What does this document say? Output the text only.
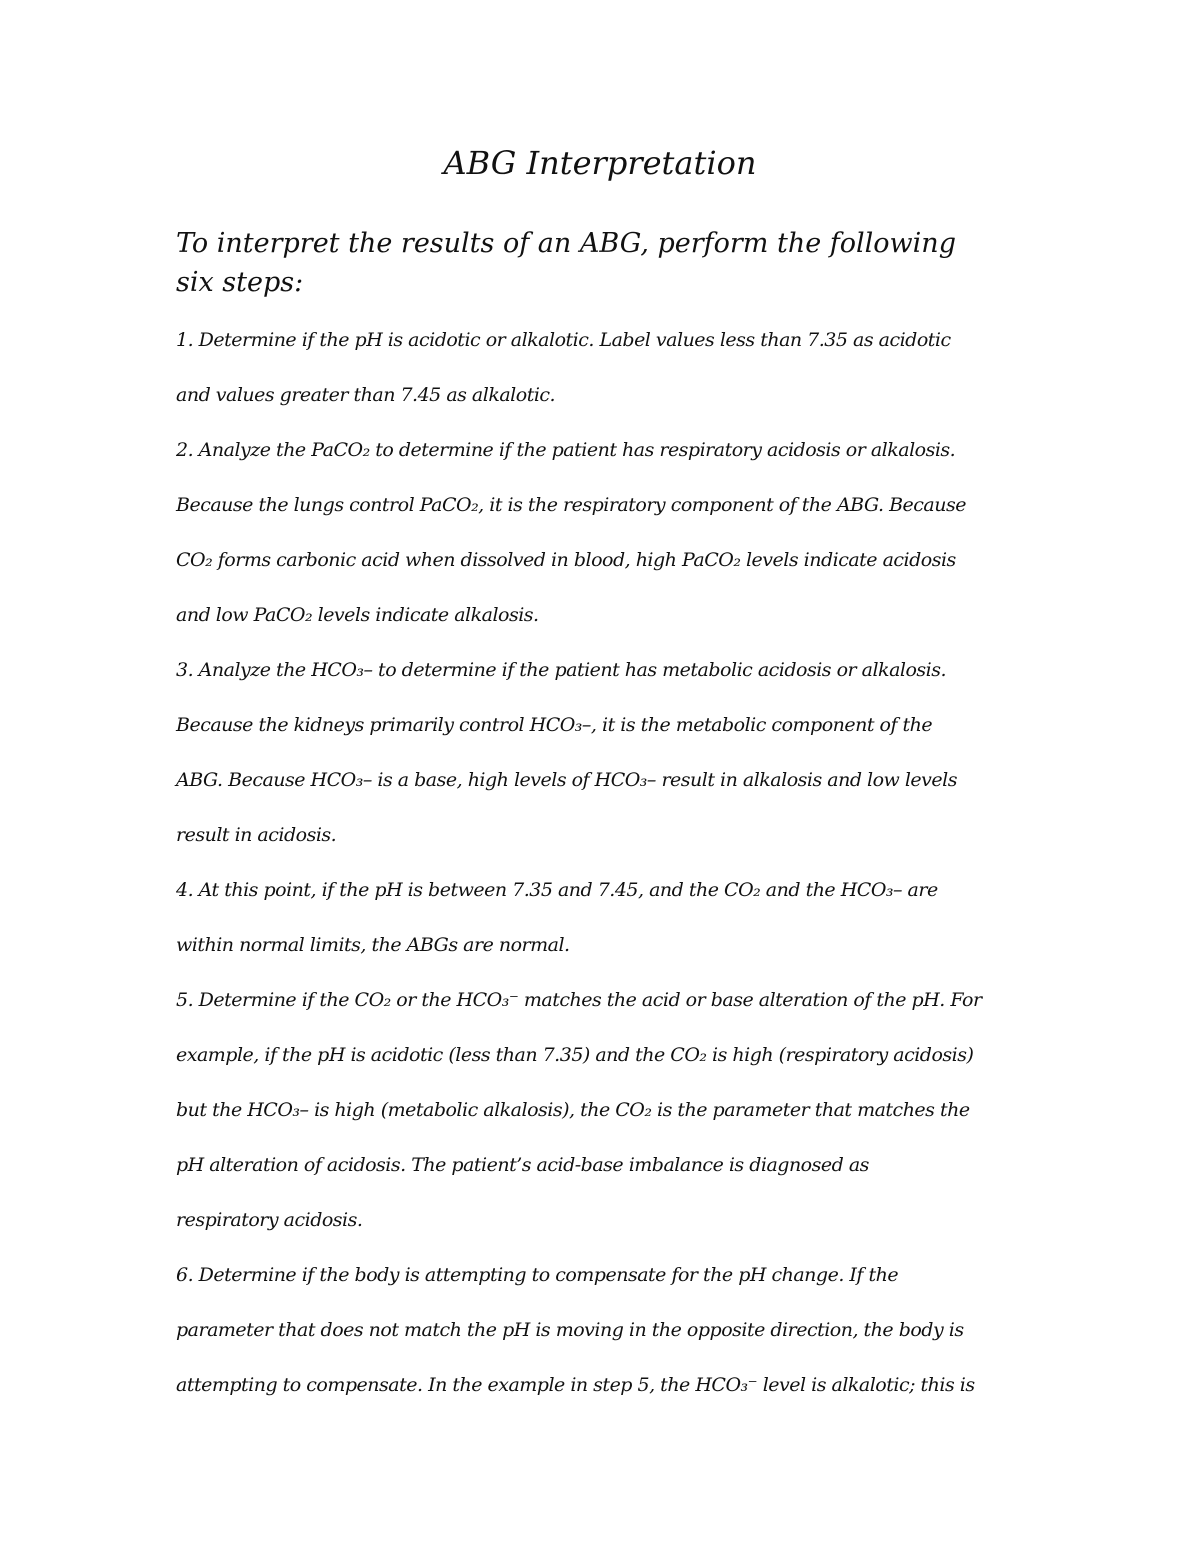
ABG Interpretation

To interpret the results of an ABG, perform the following six steps:

1. Determine if the pH is acidotic or alkalotic. Label values less than 7.35 as acidotic
and values greater than 7.45 as alkalotic.
2. Analyze the PaCO₂ to determine if the patient has respiratory acidosis or alkalosis.
Because the lungs control PaCO₂, it is the respiratory component of the ABG. Because
CO₂ forms carbonic acid when dissolved in blood, high PaCO₂ levels indicate acidosis
and low PaCO₂ levels indicate alkalosis.
3. Analyze the HCO₃– to determine if the patient has metabolic acidosis or alkalosis.
Because the kidneys primarily control HCO₃–, it is the metabolic component of the
ABG. Because HCO₃– is a base, high levels of HCO₃– result in alkalosis and low levels
result in acidosis.
4. At this point, if the pH is between 7.35 and 7.45, and the CO₂ and the HCO₃– are
within normal limits, the ABGs are normal.
5. Determine if the CO₂ or the HCO₃⁻ matches the acid or base alteration of the pH. For
example, if the pH is acidotic (less than 7.35) and the CO₂ is high (respiratory acidosis)
but the HCO₃– is high (metabolic alkalosis), the CO₂ is the parameter that matches the
pH alteration of acidosis. The patient’s acid-base imbalance is diagnosed as
respiratory acidosis.
6. Determine if the body is attempting to compensate for the pH change. If the
parameter that does not match the pH is moving in the opposite direction, the body is
attempting to compensate. In the example in step 5, the HCO₃⁻ level is alkalotic; this is
